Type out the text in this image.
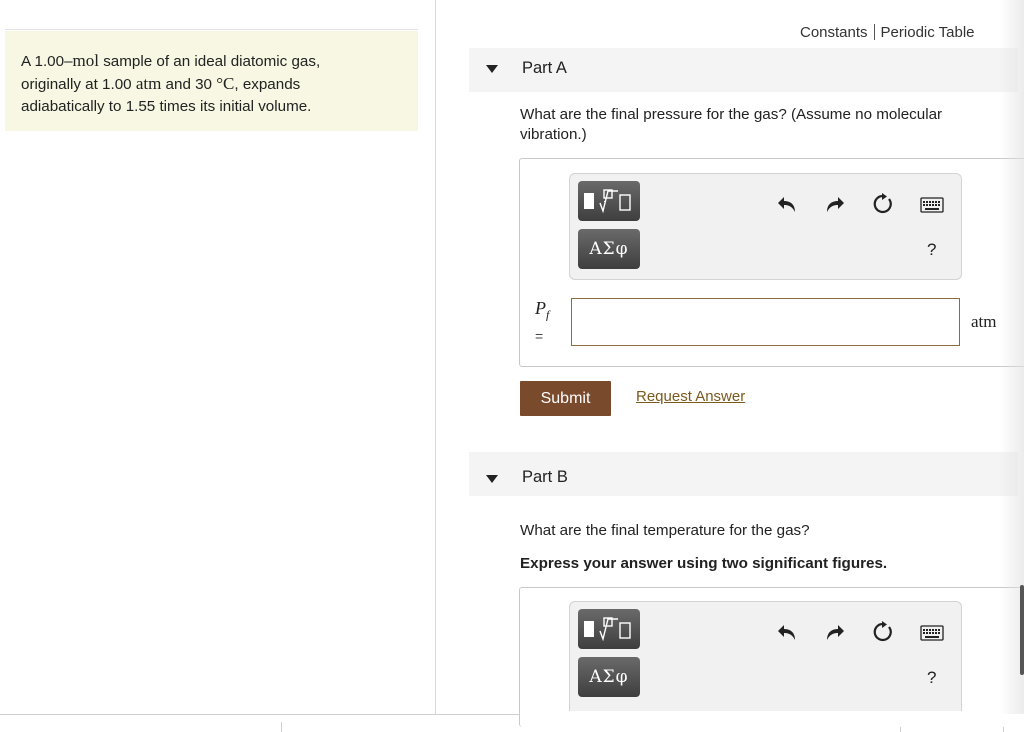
A 1.00–mol sample of an ideal diatomic gas,
originally at 1.00 atm and 30 °C, expands
adiabatically to 1.55 times its initial volume.
Constants Periodic Table
Part A
What are the final pressure for the gas? (Assume no molecular
vibration.)
ΑΣφ	?
$P_f$
=
atm
Submit	Request Answer
Part B
What are the final temperature for the gas?
Express your answer using two significant figures.
ΑΣφ	?
